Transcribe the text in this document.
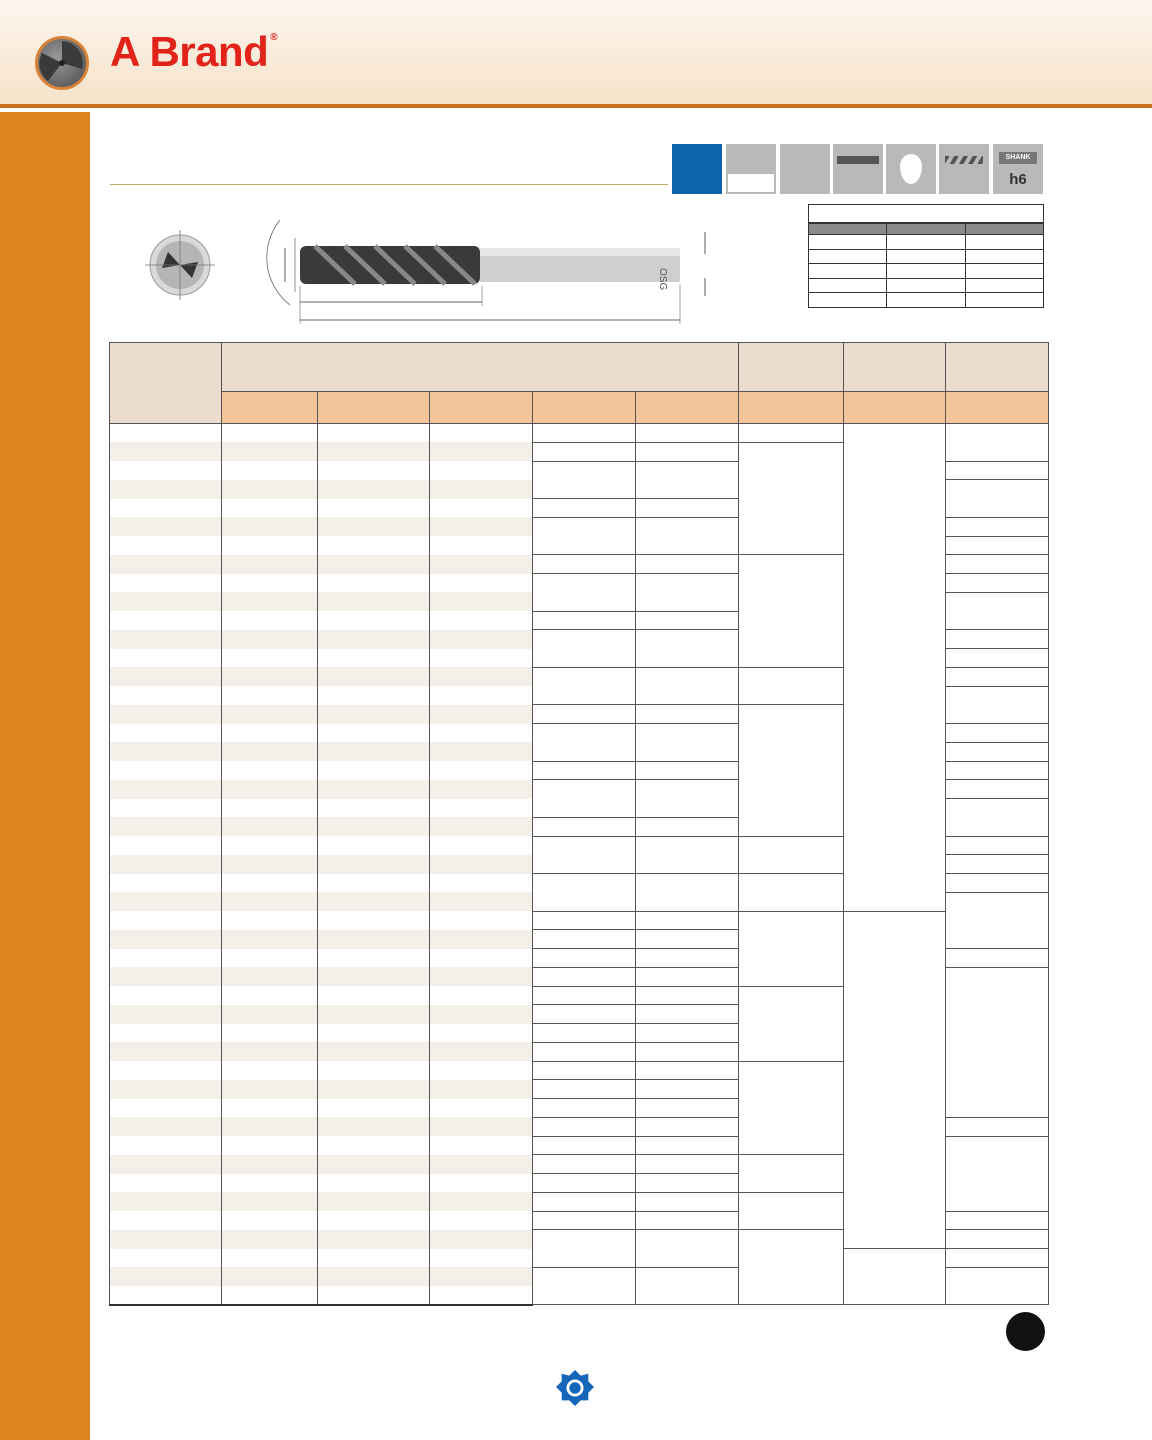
A Brand ®
SHANK
h6
OSG
